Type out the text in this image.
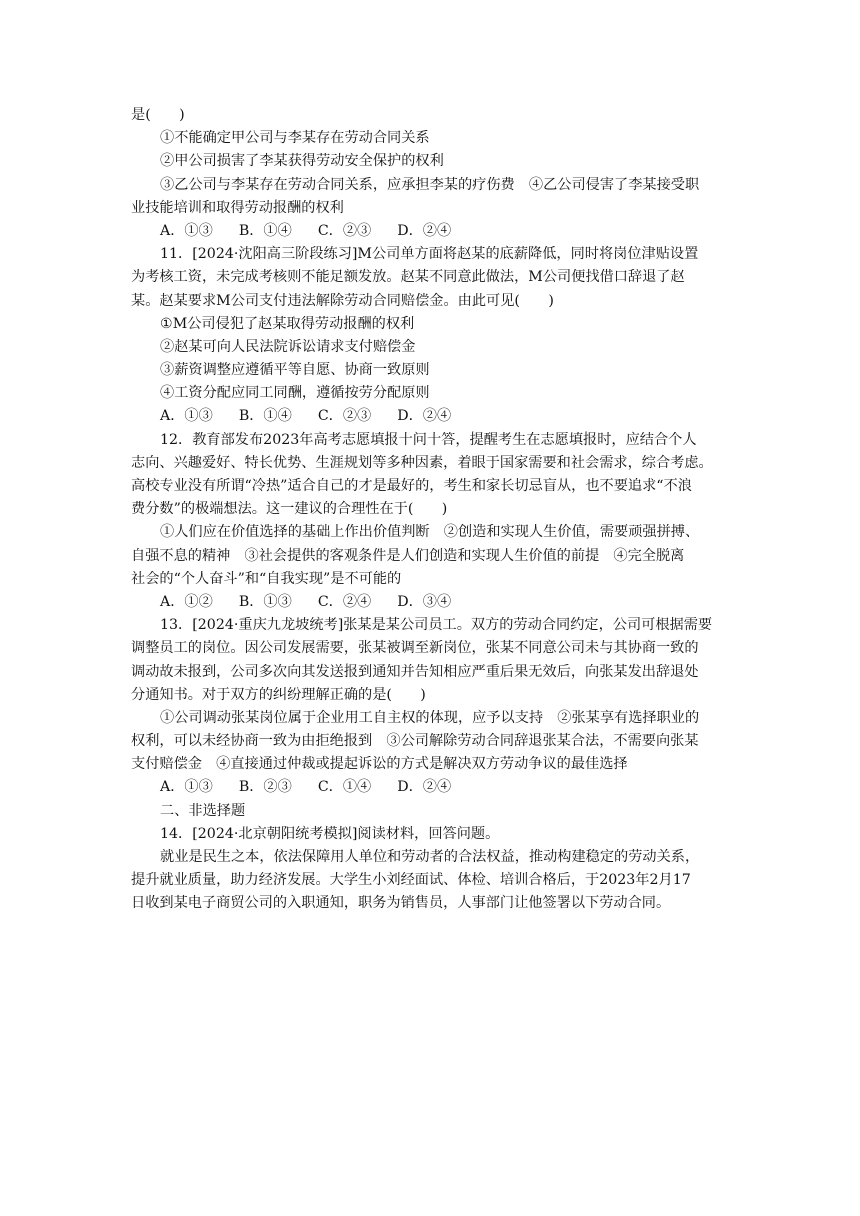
是(　　)
①不能确定甲公司与李某存在劳动合同关系
②甲公司损害了李某获得劳动安全保护的权利
③乙公司与李某存在劳动合同关系，应承担李某的疗伤费　④乙公司侵害了李某接受职
业技能培训和取得劳动报酬的权利
A．①③ B．①④ C．②③ D．②④
11．[2024·沈阳高三阶段练习]M公司单方面将赵某的底薪降低，同时将岗位津贴设置
为考核工资，未完成考核则不能足额发放。赵某不同意此做法，M公司便找借口辞退了赵
某。赵某要求M公司支付违法解除劳动合同赔偿金。由此可见(　　)
①M公司侵犯了赵某取得劳动报酬的权利
②赵某可向人民法院诉讼请求支付赔偿金
③薪资调整应遵循平等自愿、协商一致原则
④工资分配应同工同酬，遵循按劳分配原则
A．①③ B．①④ C．②③ D．②④
12．教育部发布2023年高考志愿填报十问十答，提醒考生在志愿填报时，应结合个人
志向、兴趣爱好、特长优势、生涯规划等多种因素，着眼于国家需要和社会需求，综合考虑。
高校专业没有所谓“冷热”适合自己的才是最好的，考生和家长切忌盲从，也不要追求“不浪
费分数”的极端想法。这一建议的合理性在于(　　)
①人们应在价值选择的基础上作出价值判断　②创造和实现人生价值，需要顽强拼搏、
自强不息的精神　③社会提供的客观条件是人们创造和实现人生价值的前提　④完全脱离
社会的“个人奋斗”和“自我实现”是不可能的
A．①② B．①③ C．②④ D．③④
13．[2024·重庆九龙坡统考]张某是某公司员工。双方的劳动合同约定，公司可根据需要
调整员工的岗位。因公司发展需要，张某被调至新岗位，张某不同意公司未与其协商一致的
调动故未报到，公司多次向其发送报到通知并告知相应严重后果无效后，向张某发出辞退处
分通知书。对于双方的纠纷理解正确的是(　　)
①公司调动张某岗位属于企业用工自主权的体现，应予以支持　②张某享有选择职业的
权利，可以未经协商一致为由拒绝报到　③公司解除劳动合同辞退张某合法，不需要向张某
支付赔偿金　④直接通过仲裁或提起诉讼的方式是解决双方劳动争议的最佳选择
A．①③ B．②③ C．①④ D．②④
二、非选择题
14．[2024·北京朝阳统考模拟]阅读材料，回答问题。
就业是民生之本，依法保障用人单位和劳动者的合法权益，推动构建稳定的劳动关系，
提升就业质量，助力经济发展。大学生小刘经面试、体检、培训合格后，于2023年2月17
日收到某电子商贸公司的入职通知，职务为销售员，人事部门让他签署以下劳动合同。
